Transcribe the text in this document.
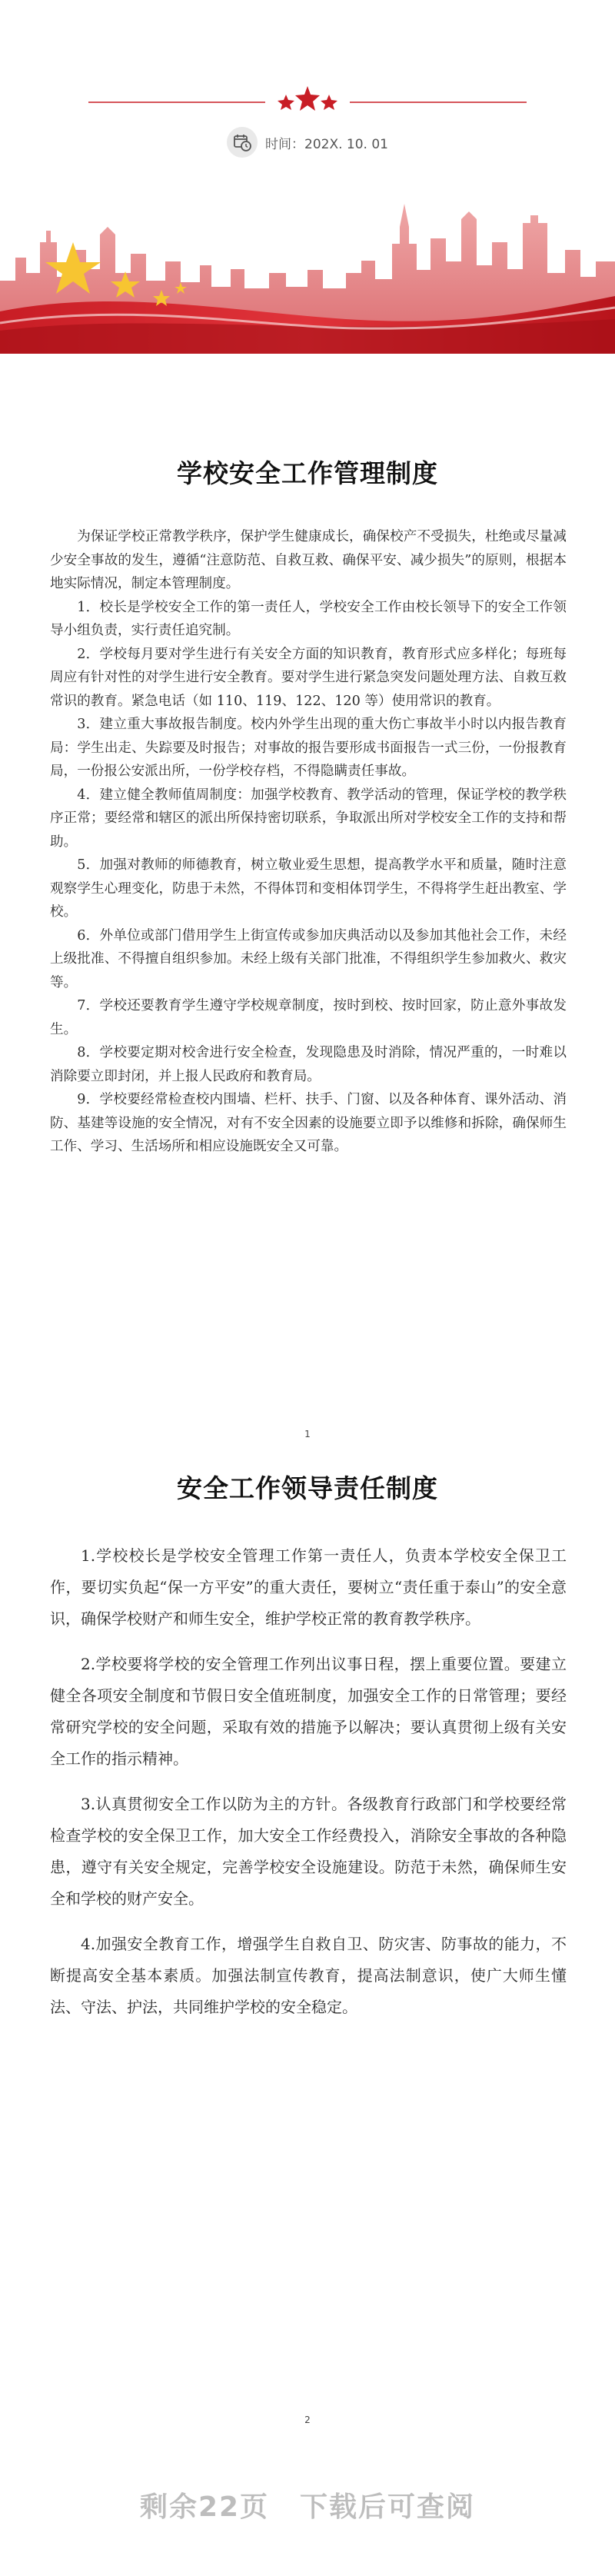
时间：202X. 10. 01
学校安全工作管理制度

为保证学校正常教学秩序，保护学生健康成长，确保校产不受损失，杜绝或尽量减少安全事故的发生，遵循“注意防范、自救互救、确保平安、减少损失”的原则，根据本地实际情况，制定本管理制度。

1．校长是学校安全工作的第一责任人，学校安全工作由校长领导下的安全工作领导小组负责，实行责任追究制。

2．学校每月要对学生进行有关安全方面的知识教育，教育形式应多样化；每班每周应有针对性的对学生进行安全教育。要对学生进行紧急突发问题处理方法、自救互救常识的教育。紧急电话（如 110、119、122、120 等）使用常识的教育。

3．建立重大事故报告制度。校内外学生出现的重大伤亡事故半小时以内报告教育局：学生出走、失踪要及时报告；对事故的报告要形成书面报告一式三份，一份报教育局，一份报公安派出所，一份学校存档，不得隐瞒责任事故。

4．建立健全教师值周制度：加强学校教育、教学活动的管理，保证学校的教学秩序正常；要经常和辖区的派出所保持密切联系，争取派出所对学校安全工作的支持和帮助。

5．加强对教师的师德教育，树立敬业爱生思想，提高教学水平和质量，随时注意观察学生心理变化，防患于未然，不得体罚和变相体罚学生，不得将学生赶出教室、学校。

6．外单位或部门借用学生上街宣传或参加庆典活动以及参加其他社会工作，未经上级批准、不得擅自组织参加。未经上级有关部门批准，不得组织学生参加救火、救灾等。

7．学校还要教育学生遵守学校规章制度，按时到校、按时回家，防止意外事故发生。

8．学校要定期对校舍进行安全检查，发现隐患及时消除，情况严重的，一时难以消除要立即封闭，并上报人民政府和教育局。

9．学校要经常检查校内围墙、栏杆、扶手、门窗、以及各种体育、课外活动、消防、基建等设施的安全情况，对有不安全因素的设施要立即予以维修和拆除，确保师生工作、学习、生活场所和相应设施既安全又可靠。

1
安全工作领导责任制度

1.学校校长是学校安全管理工作第一责任人，负责本学校安全保卫工作，要切实负起“保一方平安”的重大责任，要树立“责任重于泰山”的安全意识，确保学校财产和师生安全，维护学校正常的教育教学秩序。

2.学校要将学校的安全管理工作列出议事日程，摆上重要位置。要建立健全各项安全制度和节假日安全值班制度，加强安全工作的日常管理；要经常研究学校的安全问题，采取有效的措施予以解决；要认真贯彻上级有关安全工作的指示精神。

3.认真贯彻安全工作以防为主的方针。各级教育行政部门和学校要经常检查学校的安全保卫工作，加大安全工作经费投入，消除安全事故的各种隐患，遵守有关安全规定，完善学校安全设施建设。防范于未然，确保师生安全和学校的财产安全。

4.加强安全教育工作，增强学生自救自卫、防灾害、防事故的能力，不断提高安全基本素质。加强法制宣传教育，提高法制意识，使广大师生懂法、守法、护法，共同维护学校的安全稳定。

2
剩余22页 下载后可查阅
